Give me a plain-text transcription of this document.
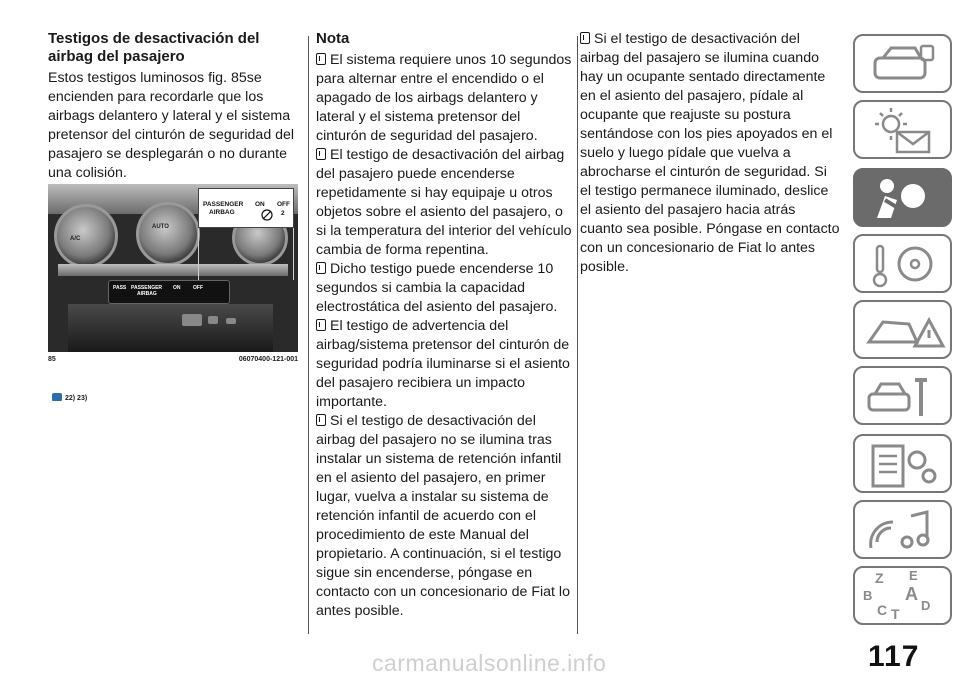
Testigos de desactivación del airbag del pasajero

Estos testigos luminosos fig. 85se encienden para recordarle que los airbags delantero y lateral y el sistema pretensor del cinturón de seguridad del pasajero se desplegarán o no durante una colisión.

A/C
AUTO
PASS PASSENGER
AIRBAG
ON	OFF
PASSENGER
AIRBAG
ON OFF
2
85	06070400-121-001
22) 23)
Nota

El sistema requiere unos 10 segundos para alternar entre el encendido o el apagado de los airbags delantero y lateral y el sistema pretensor del cinturón de seguridad del pasajero.

El testigo de desactivación del airbag del pasajero puede encenderse repetidamente si hay equipaje u otros objetos sobre el asiento del pasajero, o si la temperatura del interior del vehículo cambia de forma repentina.

Dicho testigo puede encenderse 10 segundos si cambia la capacidad electrostática del asiento del pasajero.

El testigo de advertencia del airbag/sistema pretensor del cinturón de seguridad podría iluminarse si el asiento del pasajero recibiera un impacto importante.

Si el testigo de desactivación del airbag del pasajero no se ilumina tras instalar un sistema de retención infantil en el asiento del pasajero, en primer lugar, vuelva a instalar su sistema de retención infantil de acuerdo con el procedimiento de este Manual del propietario. A continuación, si el testigo sigue sin encenderse, póngase en contacto con un concesionario de Fiat lo antes posible.

Si el testigo de desactivación del airbag del pasajero se ilumina cuando hay un ocupante sentado directamente en el asiento del pasajero, pídale al ocupante que reajuste su postura sentándose con los pies apoyados en el suelo y luego pídale que vuelva a abrocharse el cinturón de seguridad. Si el testigo permanece iluminado, deslice el asiento del pasajero hacia atrás cuanto sea posible. Póngase en contacto con un concesionario de Fiat lo antes posible.

Z E
B A
C T
D
117
carmanualsonline.info
